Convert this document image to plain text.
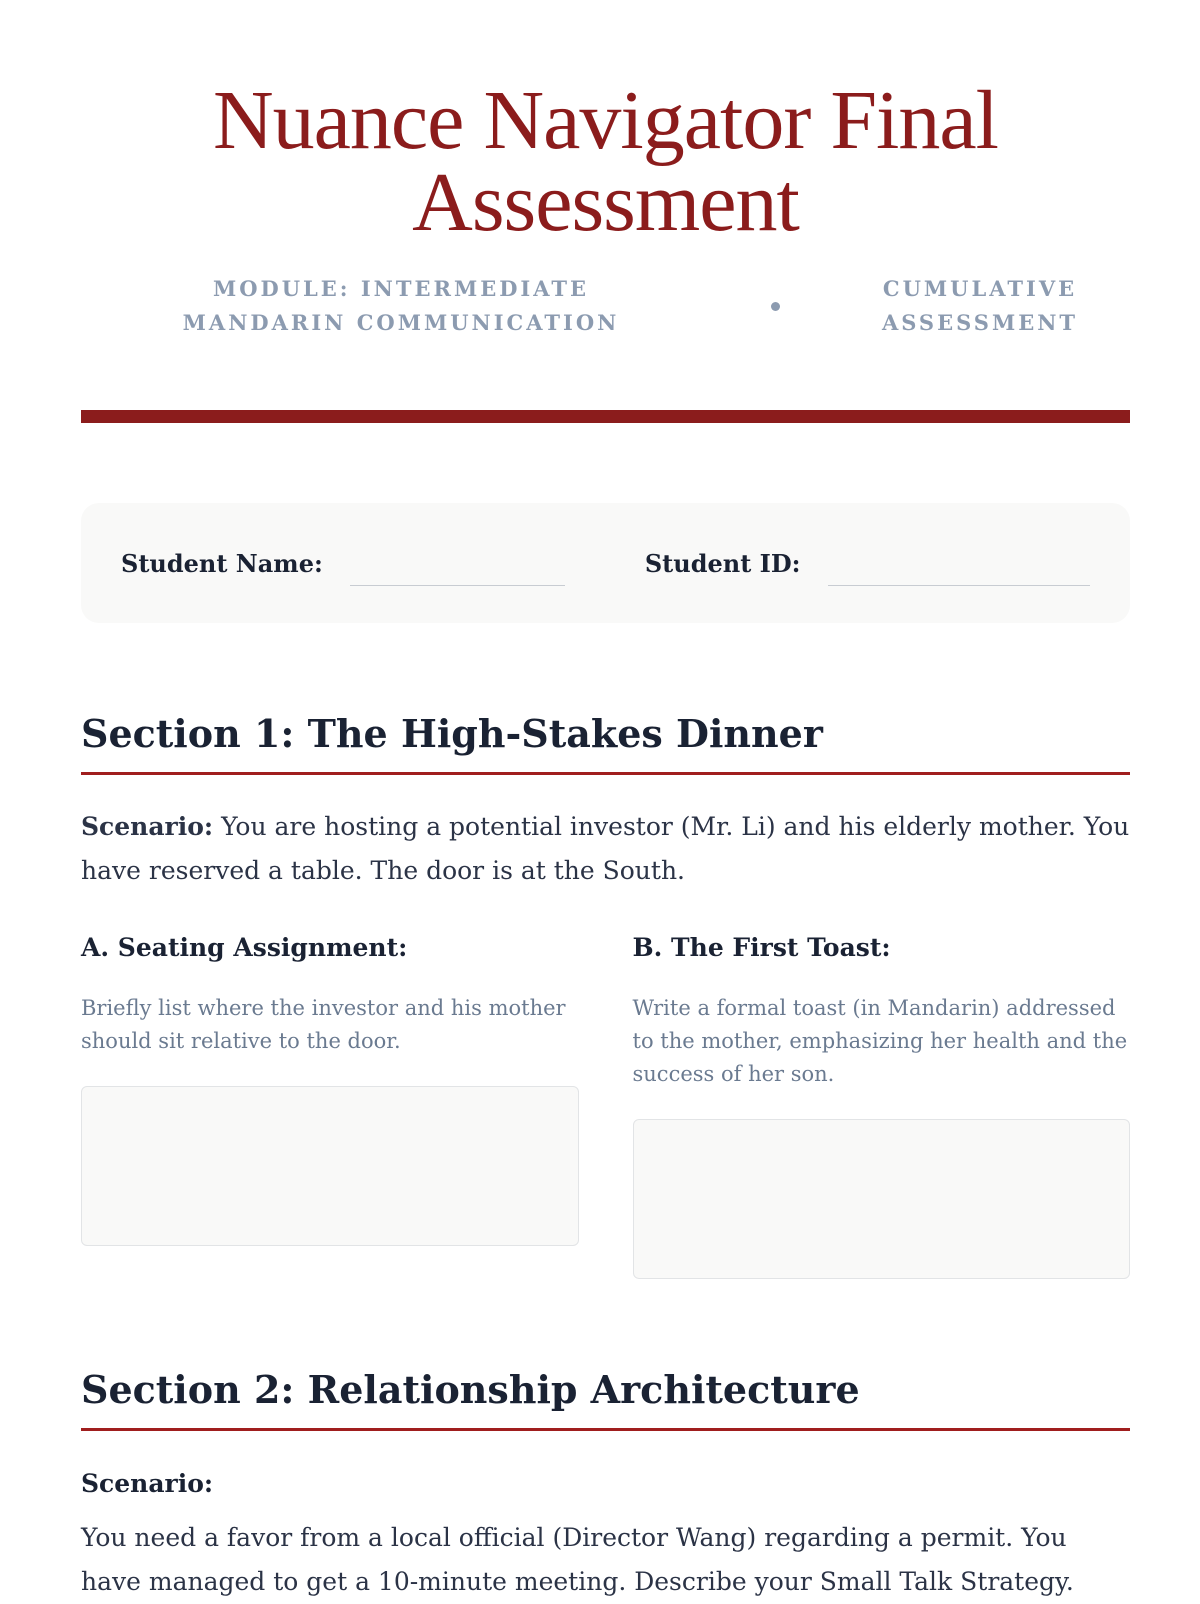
Nuance Navigator Final Assessment
MODULE: INTERMEDIATE MANDARIN COMMUNICATION
CUMULATIVE ASSESSMENT
Student Name:	Student ID:
Section 1: The High-Stakes Dinner

Scenario: You are hosting a potential investor (Mr. Li) and his elderly mother. You have reserved a table. The door is at the South.

A. Seating Assignment:

Briefly list where the investor and his mother should sit relative to the door.

B. The First Toast:

Write a formal toast (in Mandarin) addressed to the mother, emphasizing her health and the success of her son.

Section 2: Relationship Architecture
Scenario:

You need a favor from a local official (Director Wang) regarding a permit. You have managed to get a 10-minute meeting. Describe your Small Talk Strategy.
